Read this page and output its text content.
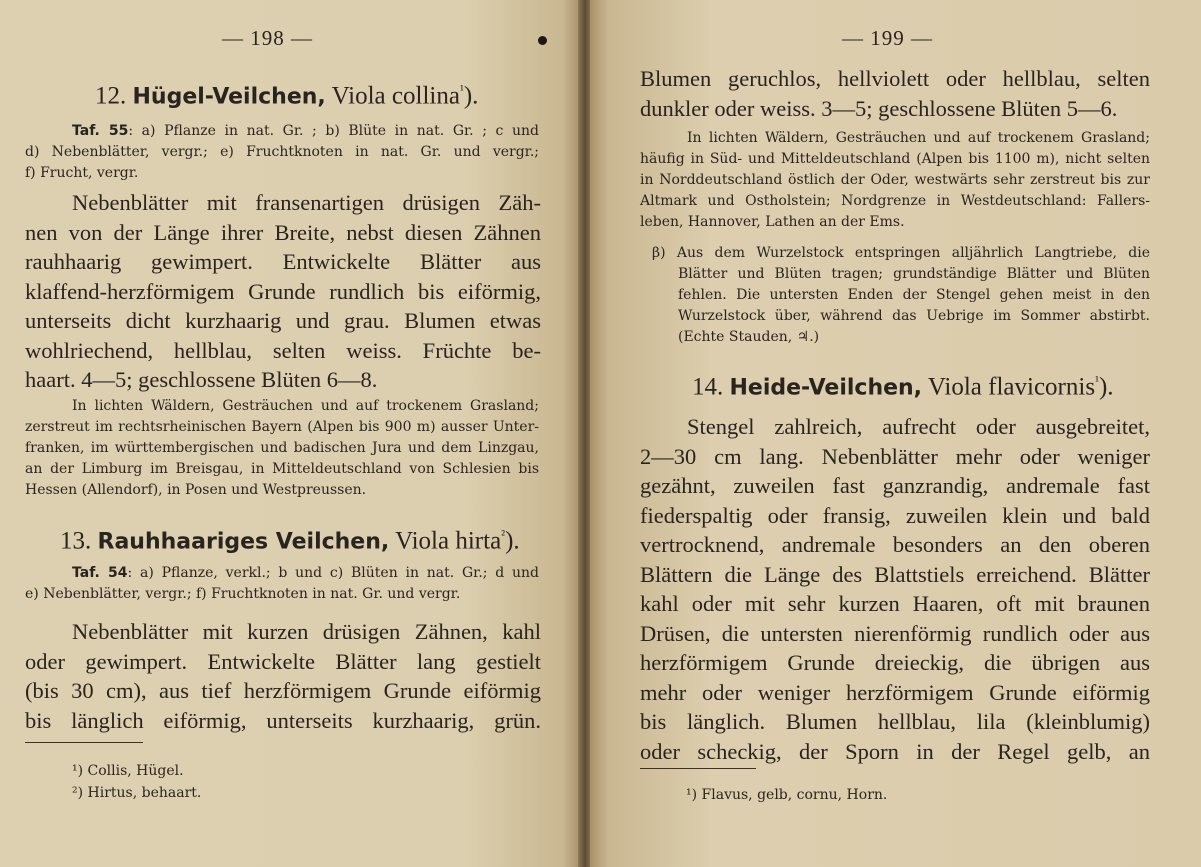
— 198 —
12. Hügel-Veilchen, Viola collina$^{^1}$).
Taf. 55: a) Pflanze in nat. Gr. ; b) Blüte in nat. Gr. ; c und
d) Nebenblätter, vergr.; e) Fruchtknoten in nat. Gr. und vergr.;
f) Frucht, vergr.
Nebenblätter mit fransenartigen drüsigen Zäh-
nen von der Länge ihrer Breite, nebst diesen Zähnen
rauhhaarig gewimpert. Entwickelte Blätter aus
klaffend-herzförmigem Grunde rundlich bis eiförmig,
unterseits dicht kurzhaarig und grau. Blumen etwas
wohlriechend, hellblau, selten weiss. Früchte be-
haart. 4—5; geschlossene Blüten 6—8.
In lichten Wäldern, Gesträuchen und auf trockenem Grasland;
zerstreut im rechtsrheinischen Bayern (Alpen bis 900 m) ausser Unter-
franken, im württembergischen und badischen Jura und dem Linzgau,
an der Limburg im Breisgau, in Mitteldeutschland von Schlesien bis
Hessen (Allendorf), in Posen und Westpreussen.
13. Rauhhaariges Veilchen, Viola hirta$^{^2}$).
Taf. 54: a) Pflanze, verkl.; b und c) Blüten in nat. Gr.; d und
e) Nebenblätter, vergr.; f) Fruchtknoten in nat. Gr. und vergr.
Nebenblätter mit kurzen drüsigen Zähnen, kahl
oder gewimpert. Entwickelte Blätter lang gestielt
(bis 30 cm), aus tief herzförmigem Grunde eiförmig
bis länglich eiförmig, unterseits kurzhaarig, grün.
¹) Collis, Hügel.
²) Hirtus, behaart.
— 199 —
Blumen geruchlos, hellviolett oder hellblau, selten
dunkler oder weiss. 3—5; geschlossene Blüten 5—6.
In lichten Wäldern, Gesträuchen und auf trockenem Grasland;
häufig in Süd- und Mitteldeutschland (Alpen bis 1100 m), nicht selten
in Norddeutschland östlich der Oder, westwärts sehr zerstreut bis zur
Altmark und Ostholstein; Nordgrenze in Westdeutschland: Fallers-
leben, Hannover, Lathen an der Ems.
β) Aus dem Wurzelstock entspringen alljährlich Langtriebe, die
Blätter und Blüten tragen; grundständige Blätter und Blüten
fehlen. Die untersten Enden der Stengel gehen meist in den
Wurzelstock über, während das Uebrige im Sommer abstirbt.
(Echte Stauden, ♃.)
14. Heide-Veilchen, Viola flavicornis$^{^1}$).
Stengel zahlreich, aufrecht oder ausgebreitet,
2—30 cm lang. Nebenblätter mehr oder weniger
gezähnt, zuweilen fast ganzrandig, andremale fast
fiederspaltig oder fransig, zuweilen klein und bald
vertrocknend, andremale besonders an den oberen
Blättern die Länge des Blattstiels erreichend. Blätter
kahl oder mit sehr kurzen Haaren, oft mit braunen
Drüsen, die untersten nierenförmig rundlich oder aus
herzförmigem Grunde dreieckig, die übrigen aus
mehr oder weniger herzförmigem Grunde eiförmig
bis länglich. Blumen hellblau, lila (kleinblumig)
oder scheckig, der Sporn in der Regel gelb, an
¹) Flavus, gelb, cornu, Horn.
